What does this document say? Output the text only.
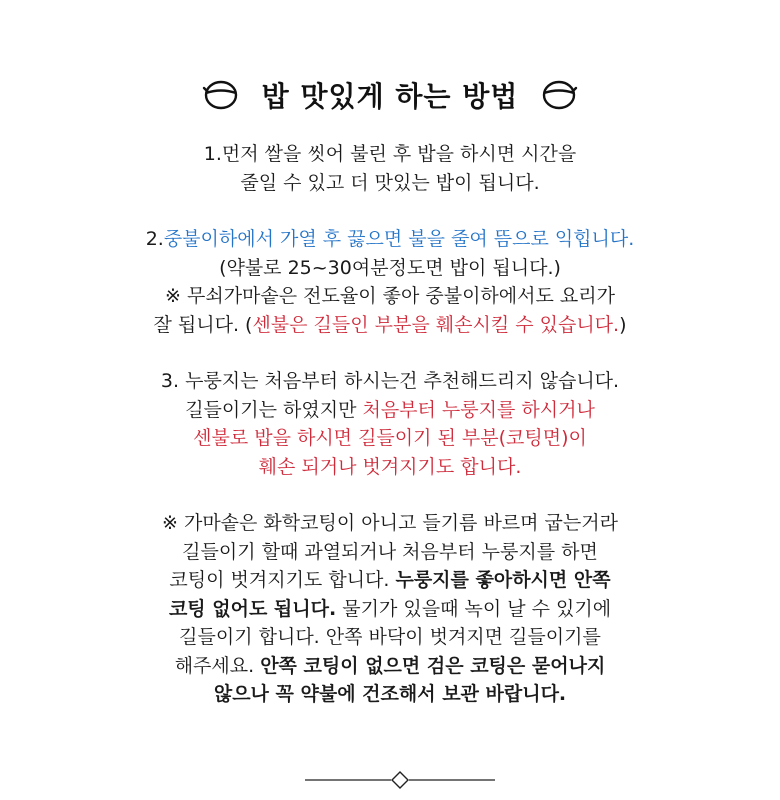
밥 맛있게 하는 방법
1.먼저 쌀을 씻어 불린 후 밥을 하시면 시간을
줄일 수 있고 더 맛있는 밥이 됩니다.
2.중불이하에서 가열 후 끓으면 불을 줄여 뜸으로 익힙니다.
(약불로 25~30여분정도면 밥이 됩니다.)
※ 무쇠가마솥은 전도율이 좋아 중불이하에서도 요리가
잘 됩니다. (센불은 길들인 부분을 훼손시킬 수 있습니다.)
3. 누룽지는 처음부터 하시는건 추천해드리지 않습니다.
길들이기는 하였지만 처음부터 누룽지를 하시거나
센불로 밥을 하시면 길들이기 된 부분(코팅면)이
훼손 되거나 벗겨지기도 합니다.
※ 가마솥은 화학코팅이 아니고 들기름 바르며 굽는거라
길들이기 할때 과열되거나 처음부터 누룽지를 하면
코팅이 벗겨지기도 합니다. 누룽지를 좋아하시면 안쪽
코팅 없어도 됩니다. 물기가 있을때 녹이 날 수 있기에
길들이기 합니다. 안쪽 바닥이 벗겨지면 길들이기를
해주세요. 안쪽 코팅이 없으면 검은 코팅은 묻어나지
않으나 꼭 약불에 건조해서 보관 바랍니다.
